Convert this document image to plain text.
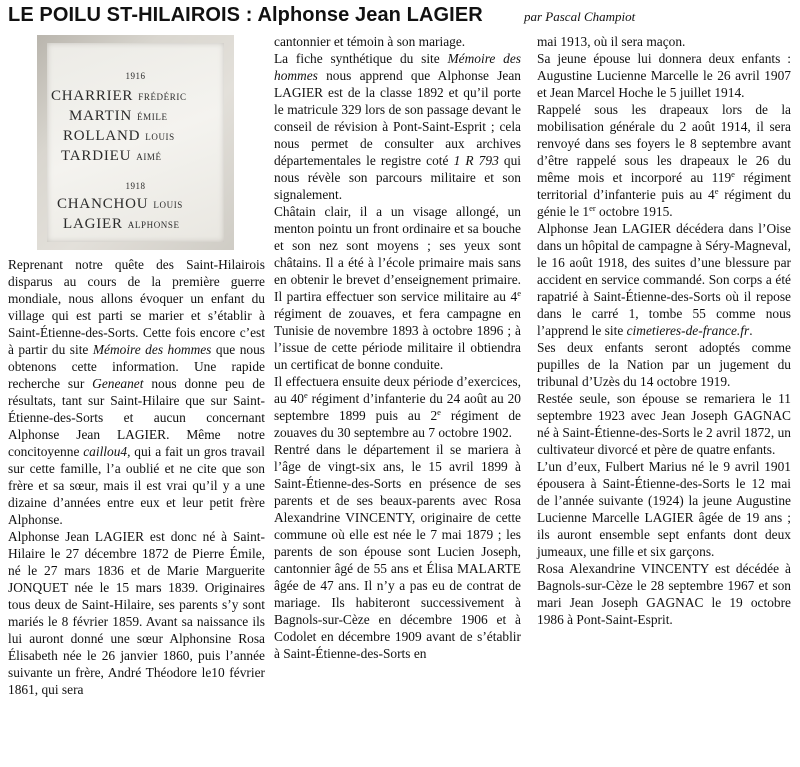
LE POILU ST-HILAIROIS : Alphonse Jean LAGIER	par Pascal Champiot
1916
CHARRIER FRÉDÉRIC
MARTIN ÉMILE
ROLLAND LOUIS
TARDIEU AIMÉ
1918
CHANCHOU LOUIS
LAGIER ALPHONSE

Reprenant notre quête des Saint-Hilairois disparus au cours de la première guerre mondiale, nous allons évoquer un enfant du village qui est parti se marier et s’établir à Saint-Étienne-des-Sorts. Cette fois encore c’est à partir du site Mémoire des hommes que nous obtenons cette information. Une rapide recherche sur Geneanet nous donne peu de résultats, tant sur Saint-Hilaire que sur Saint-Étienne-des-Sorts et aucun concernant Alphonse Jean LAGIER. Même notre concitoyenne caillou4, qui a fait un gros travail sur cette famille, l’a oublié et ne cite que son frère et sa sœur, mais il est vrai qu’il y a une dizaine d’années entre eux et leur petit frère Alphonse.

Alphonse Jean LAGIER est donc né à Saint-Hilaire le 27 décembre 1872 de Pierre Émile, né le 27 mars 1836 et de Marie Marguerite JONQUET née le 15 mars 1839. Originaires tous deux de Saint-Hilaire, ses parents s’y sont mariés le 8 février 1859. Avant sa naissance ils lui auront donné une sœur Alphonsine Rosa Élisabeth née le 26 janvier 1860, puis l’année suivante un frère, André Théodore le10 février 1861, qui sera

cantonnier et témoin à son mariage.

La fiche synthétique du site Mémoire des hommes nous apprend que Alphonse Jean LAGIER est de la classe 1892 et qu’il porte le matricule 329 lors de son passage devant le conseil de révision à Pont-Saint-Esprit ; cela nous permet de consulter aux archives départementales le registre coté 1 R 793 qui nous révèle son parcours militaire et son signalement.

Châtain clair, il a un visage allongé, un menton pointu un front ordinaire et sa bouche et son nez sont moyens ; ses yeux sont châtains. Il a été à l’école primaire mais sans en obtenir le brevet d’enseignement primaire. Il partira effectuer son service militaire au 4e régiment de zouaves, et fera campagne en Tunisie de novembre 1893 à octobre 1896 ; à l’issue de cette période militaire il obtiendra un certificat de bonne conduite.

Il effectuera ensuite deux période d’exercices, au 40e régiment d’infanterie du 24 août au 20 septembre 1899 puis au 2e régiment de zouaves du 30 septembre au 7 octobre 1902.

Rentré dans le département il se mariera à l’âge de vingt-six ans, le 15 avril 1899 à Saint-Étienne-des-Sorts en présence de ses parents et de ses beaux-parents avec Rosa Alexandrine VINCENTY, originaire de cette commune où elle est née le 7 mai 1879 ; les parents de son épouse sont Lucien Joseph, cantonnier âgé de 55 ans et Élisa MALARTE âgée de 47 ans. Il n’y a pas eu de contrat de mariage. Ils habiteront successivement à Bagnols-sur-Cèze en décembre 1906 et à Codolet en décembre 1909 avant de s’établir à Saint-Étienne-des-Sorts en

mai 1913, où il sera maçon.

Sa jeune épouse lui donnera deux enfants : Augustine Lucienne Marcelle le 26 avril 1907 et Jean Marcel Hoche le 5 juillet 1914.

Rappelé sous les drapeaux lors de la mobilisation générale du 2 août 1914, il sera renvoyé dans ses foyers le 8 septembre avant d’être rappelé sous les drapeaux le 26 du même mois et incorporé au 119e régiment territorial d’infanterie puis au 4e régiment du génie le 1er octobre 1915.

Alphonse Jean LAGIER décédera dans l’Oise dans un hôpital de campagne à Séry-Magneval, le 16 août 1918, des suites d’une blessure par accident en service commandé. Son corps a été rapatrié à Saint-Étienne-des-Sorts où il repose dans le carré 1, tombe 55 comme nous l’apprend le site cimetieres-de-france.fr.

Ses deux enfants seront adoptés comme pupilles de la Nation par un jugement du tribunal d’Uzès du 14 octobre 1919.

Restée seule, son épouse se remariera le 11 septembre 1923 avec Jean Joseph GAGNAC né à Saint-Étienne-des-Sorts le 2 avril 1872, un cultivateur divorcé et père de quatre enfants.

L’un d’eux, Fulbert Marius né le 9 avril 1901 épousera à Saint-Étienne-des-Sorts le 12 mai de l’année suivante (1924) la jeune Augustine Lucienne Marcelle LAGIER âgée de 19 ans ; ils auront ensemble sept enfants dont deux jumeaux, une fille et six garçons.

Rosa Alexandrine VINCENTY est décédée à Bagnols-sur-Cèze le 28 septembre 1967 et son mari Jean Joseph GAGNAC le 19 octobre 1986 à Pont-Saint-Esprit.
